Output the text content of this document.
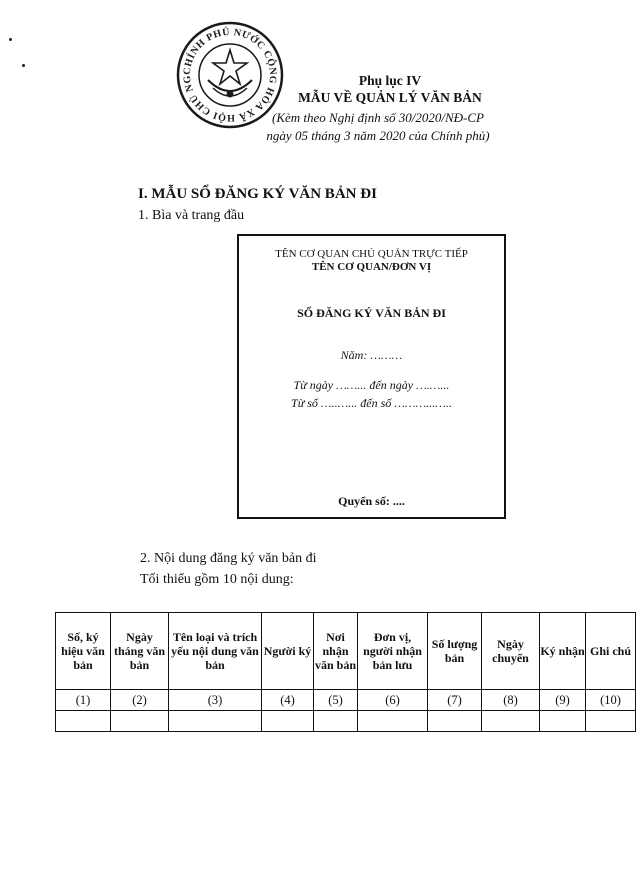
CHÍNH PHỦ NƯỚC CỘNG HÒA XÃ HỘI CHỦ NG	Phụ lục IV
MẪU VỀ QUẢN LÝ VĂN BẢN
(Kèm theo Nghị định số 30/2020/NĐ-CP
ngày 05 tháng 3 năm 2020 của Chính phủ)
I. MẪU SỔ ĐĂNG KÝ VĂN BẢN ĐI
1. Bìa và trang đầu
TÊN CƠ QUAN CHỦ QUẢN TRỰC TIẾP
TÊN CƠ QUAN/ĐƠN VỊ
SỔ ĐĂNG KÝ VĂN BẢN ĐI
Năm: ………
Từ ngày ……... đến ngày ….…...
Từ số …..…... đến số ………...…..
Quyển số: ....
2. Nội dung đăng ký văn bản đi
Tối thiểu gồm 10 nội dung:
Số, ký hiệu văn bản	Ngày tháng văn bản	Tên loại và trích yếu nội dung văn bản	Người ký	Nơi nhận văn bản	Đơn vị, người nhận bản lưu	Số lượng bản	Ngày chuyển	Ký nhận	Ghi chú
(1)	(2)	(3)	(4)	(5)	(6)	(7)	(8)	(9)	(10)
